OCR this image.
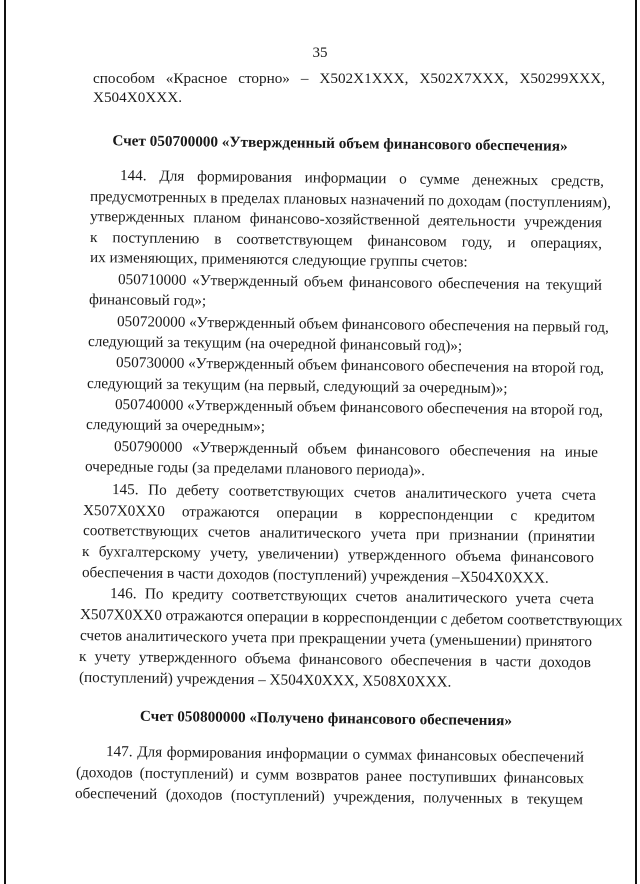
35
способом «Красное сторно» – X502X1XXX, X502X7XXX, X50299XXX,
X504X0XXX.
Счет 050700000 «Утвержденный объем финансового обеспечения»
144. Для формирования информации о сумме денежных средств,
предусмотренных в пределах плановых назначений по доходам (поступлениям),
утвержденных планом финансово-хозяйственной деятельности учреждения
к поступлению в соответствующем финансовом году, и операциях,
их изменяющих, применяются следующие группы счетов:
050710000 «Утвержденный объем финансового обеспечения на текущий
финансовый год»;
050720000 «Утвержденный объем финансового обеспечения на первый год,
следующий за текущим (на очередной финансовый год)»;
050730000 «Утвержденный объем финансового обеспечения на второй год,
следующий за текущим (на первый, следующий за очередным)»;
050740000 «Утвержденный объем финансового обеспечения на второй год,
следующий за очередным»;
050790000 «Утвержденный объем финансового обеспечения на иные
очередные годы (за пределами планового периода)».
145. По дебету соответствующих счетов аналитического учета счета
X507X0XX0 отражаются операции в корреспонденции с кредитом
соответствующих счетов аналитического учета при признании (принятии
к бухгалтерскому учету, увеличении) утвержденного объема финансового
обеспечения в части доходов (поступлений) учреждения –X504X0XXX.
146. По кредиту соответствующих счетов аналитического учета счета
X507X0XX0 отражаются операции в корреспонденции с дебетом соответствующих
счетов аналитического учета при прекращении учета (уменьшении) принятого
к учету утвержденного объема финансового обеспечения в части доходов
(поступлений) учреждения – X504X0XXX, X508X0XXX.
Счет 050800000 «Получено финансового обеспечения»
147. Для формирования информации о суммах финансовых обеспечений
(доходов (поступлений) и сумм возвратов ранее поступивших финансовых
обеспечений (доходов (поступлений) учреждения, полученных в текущем
